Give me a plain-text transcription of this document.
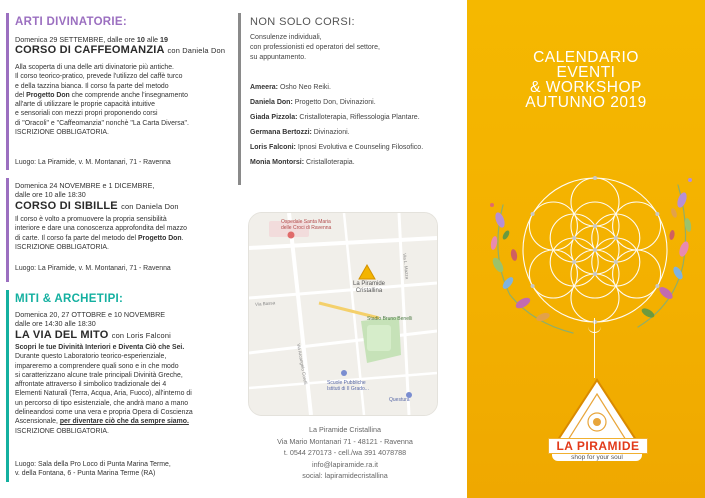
ARTI DIVINATORIE:
Domenica 29 SETTEMBRE, dalle ore 10 alle 19
CORSO DI CAFFEOMANZIA con Daniela Don
Alla scoperta di una delle arti divinatorie più antiche.
Il corso teorico-pratico, prevede l'utilizzo del caffè turco
e della tazzina bianca. Il corso fa parte del metodo
del Progetto Don che comprende anche l'insegnamento
all'arte di utilizzare le proprie capacità intuitive
e sensoriali con mezzi propri proponendo corsi
di "Oracoli" e "Caffeomanzia" nonchè "La Carta Diversa".
ISCRIZIONE OBBLIGATORIA.
Luogo: La Piramide, v. M. Montanari, 71 - Ravenna
Domenica 24 NOVEMBRE e 1 DICEMBRE,
dalle ore 10 alle 18:30
CORSO DI SIBILLE con Daniela Don
Il corso è volto a promuovere la propria sensibilità
interiore e dare una conoscenza approfondita del mazzo
di carte. Il corso fa parte del metodo del Progetto Don.
ISCRIZIONE OBBLIGATORIA.
Luogo: La Piramide, v. M. Montanari, 71 - Ravenna
MITI & ARCHETIPI:
Domenica 20, 27 OTTOBRE e 10 NOVEMBRE
dalle ore 14:30 alle 18:30
LA VIA DEL MITO con Loris Falconi
Scopri le tue Divinità Interiori e Diventa Ciò che Sei.
Durante questo Laboratorio teorico-esperienziale,
impareremo a comprendere quali sono e in che modo
si caratterizzano alcune trale principali Divinità Greche,
affrontate attraverso il simbolico tradizionale dei 4
Elementi Naturali (Terra, Acqua, Aria, Fuoco), all'interno di
un percorso di tipo esistenziale, che andrà mano a mano
delineandosi come una vera e propria Opera di Coscienza
Ascensionale, per diventare ciò che da sempre siamo.
ISCRIZIONE OBBLIGATORIA.
Luogo: Sala della Pro Loco di Punta Marina Terme,
v. della Fontana, 6 - Punta Marina Terme (RA)
NON SOLO CORSI:
Consulenze individuali,
con professionisti ed operatori del settore,
su appuntamento.
Ameera: Osho Neo Reiki.
Daniela Don: Progetto Don, Divinazioni.
Giada Pizzola: Cristalloterapia, Riflessologia Plantare.
Germana Bertozzi: Divinazioni.
Loris Falconi: Ipnosi Evolutiva e Counseling Filosofico.
Monia Montorsi: Cristalloterapia.
Ospedale Santa Maria
delle Croci di Ravenna
La Piramide
Cristallina
Stadio Bruno Benelli
Scuole Pubbliche
Istituti di II Grado...
Questura
Via Bassa
Via Arcangelo Corelli
Via L. Mazza
La Piramide Cristallina
Via Mario Montanari 71 - 48121 - Ravenna
t. 0544 270173 - cell./wa 391 4078788
info@lapiramide.ra.it
social: lapiramidecristallina
CALENDARIO
EVENTI
& WORKSHOP
AUTUNNO 2019
LA PIRAMIDE
shop for your soul
